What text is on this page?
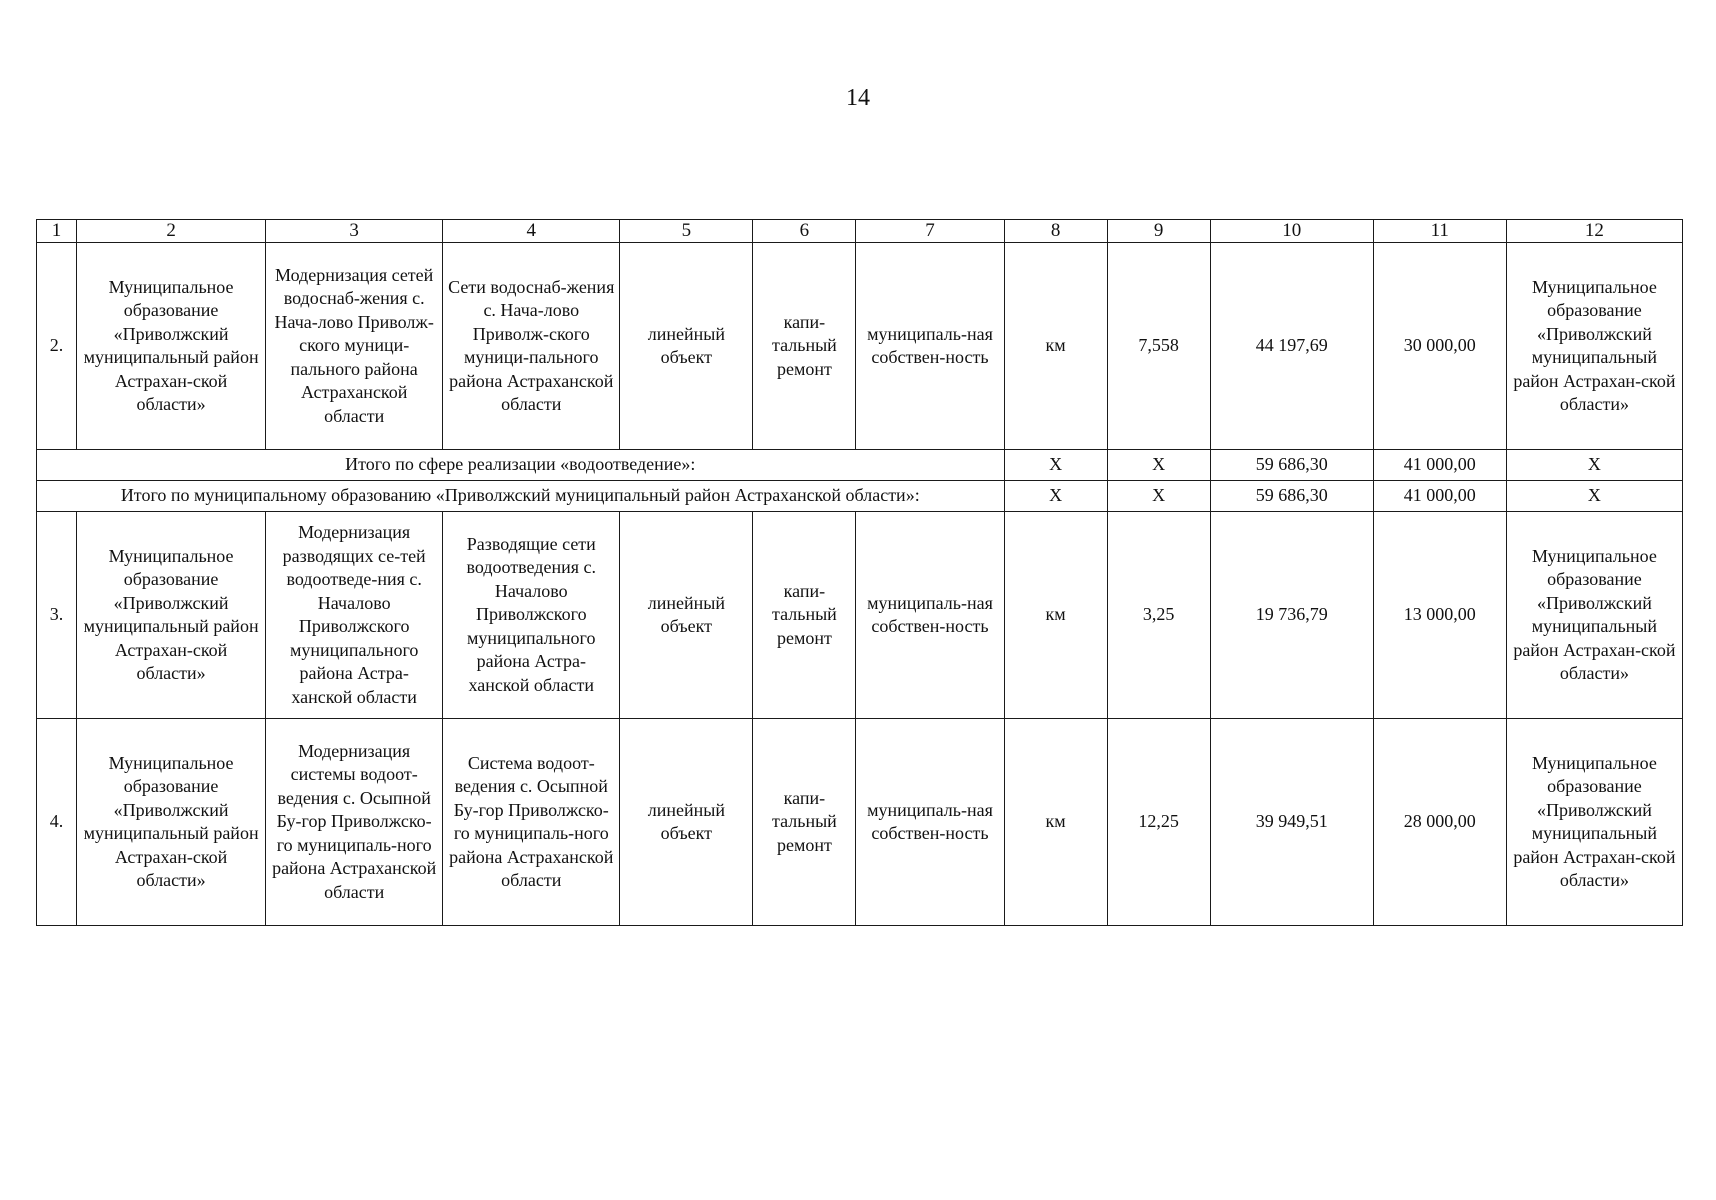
14
1	2	3	4	5	6	7	8	9	10	11	12
2.	Муниципальное образование «Приволжский муниципальный район Астрахан-ской области»	Модернизация сетей водоснаб-жения с. Нача-лово Приволж-ского муници-пального района Астраханской области	Сети водоснаб-жения с. Нача-лово Приволж-ского муници-пального района Астраханской области	линейный объект	капи-тальный ремонт	муниципаль-ная собствен-ность	км	7,558	44 197,69	30 000,00	Муниципальное образование «Приволжский муниципальный район Астрахан-ской области»
Итого по сфере реализации «водоотведение»:							X	X	59 686,30	41 000,00	X
Итого по муниципальному образованию «Приволжский муниципальный район Астраханской области»:							X	X	59 686,30	41 000,00	X
3.	Муниципальное образование «Приволжский муниципальный район Астрахан-ской области»	Модернизация разводящих се-тей водоотведе-ния с. Началово Приволжского муниципального района Астра-ханской области	Разводящие сети водоотведения с. Началово Приволжского муниципального района Астра-ханской области	линейный объект	капи-тальный ремонт	муниципаль-ная собствен-ность	км	3,25	19 736,79	13 000,00	Муниципальное образование «Приволжский муниципальный район Астрахан-ской области»
4.	Муниципальное образование «Приволжский муниципальный район Астрахан-ской области»	Модернизация системы водоот-ведения с. Осыпной Бу-гор Приволжско-го муниципаль-ного района Астраханской области	Система водоот-ведения с. Осыпной Бу-гор Приволжско-го муниципаль-ного района Астраханской области	линейный объект	капи-тальный ремонт	муниципаль-ная собствен-ность	км	12,25	39 949,51	28 000,00	Муниципальное образование «Приволжский муниципальный район Астрахан-ской области»
